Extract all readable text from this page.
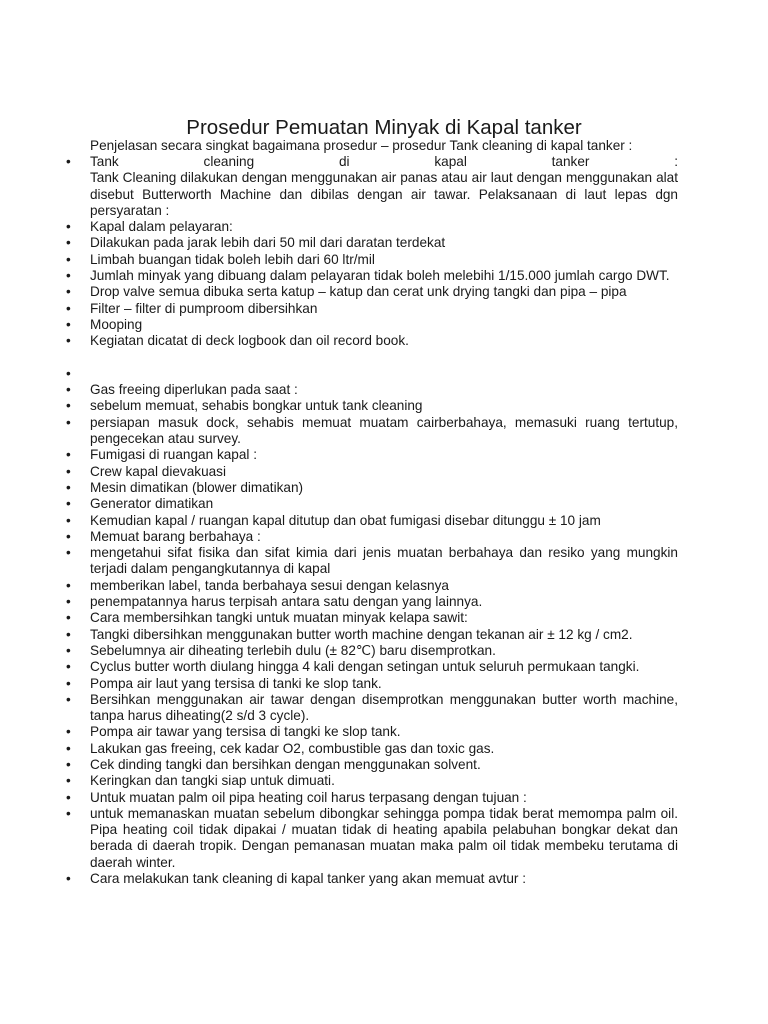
Prosedur Pemuatan Minyak di Kapal tanker

Penjelasan secara singkat bagaimana prosedur – prosedur Tank cleaning di kapal tanker :

• Tank	cleaning	di	kapal	tanker	:
Tank Cleaning dilakukan dengan menggunakan air panas atau air laut dengan menggunakan alat disebut Butterworth Machine dan dibilas dengan air tawar. Pelaksanaan di laut lepas dgn persyaratan :
• Kapal dalam pelayaran:
• Dilakukan pada jarak lebih dari 50 mil dari daratan terdekat
• Limbah buangan tidak boleh lebih dari 60 ltr/mil
• Jumlah minyak yang dibuang dalam pelayaran tidak boleh melebihi 1/15.000 jumlah cargo DWT.
• Drop valve semua dibuka serta katup – katup dan cerat unk drying tangki dan pipa – pipa
• Filter – filter di pumproom dibersihkan
• Mooping
• Kegiatan dicatat di deck logbook dan oil record book.
•
• Gas freeing diperlukan pada saat :
• sebelum memuat, sehabis bongkar untuk tank cleaning
• persiapan masuk dock, sehabis memuat muatam cairberbahaya, memasuki ruang tertutup, pengecekan atau survey.
• Fumigasi di ruangan kapal :
• Crew kapal dievakuasi
• Mesin dimatikan (blower dimatikan)
• Generator dimatikan
• Kemudian kapal / ruangan kapal ditutup dan obat fumigasi disebar ditunggu ± 10 jam
• Memuat barang berbahaya :
• mengetahui sifat fisika dan sifat kimia dari jenis muatan berbahaya dan resiko yang mungkin terjadi dalam pengangkutannya di kapal
• memberikan label, tanda berbahaya sesui dengan kelasnya
• penempatannya harus terpisah antara satu dengan yang lainnya.
• Cara membersihkan tangki untuk muatan minyak kelapa sawit:
• Tangki dibersihkan menggunakan butter worth machine dengan tekanan air ± 12 kg / cm2.
• Sebelumnya air diheating terlebih dulu (± 82℃) baru disemprotkan.
• Cyclus butter worth diulang hingga 4 kali dengan setingan untuk seluruh permukaan tangki.
• Pompa air laut yang tersisa di tanki ke slop tank.
• Bersihkan menggunakan air tawar dengan disemprotkan menggunakan butter worth machine, tanpa harus diheating(2 s/d 3 cycle).
• Pompa air tawar yang tersisa di tangki ke slop tank.
• Lakukan gas freeing, cek kadar O2, combustible gas dan toxic gas.
• Cek dinding tangki dan bersihkan dengan menggunakan solvent.
• Keringkan dan tangki siap untuk dimuati.
• Untuk muatan palm oil pipa heating coil harus terpasang dengan tujuan :
• untuk memanaskan muatan sebelum dibongkar sehingga pompa tidak berat memompa palm oil. Pipa heating coil tidak dipakai / muatan tidak di heating apabila pelabuhan bongkar dekat dan berada di daerah tropik. Dengan pemanasan muatan maka palm oil tidak membeku terutama di daerah winter.
• Cara melakukan tank cleaning di kapal tanker yang akan memuat avtur :
